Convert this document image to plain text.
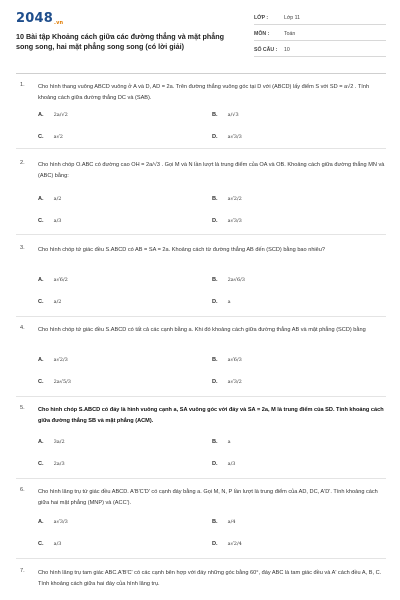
2048.vn
10 Bài tập Khoảng cách giữa các đường thẳng và mặt phẳng song song, hai mặt phẳng song song (có lời giải)
LỚP :	Lớp 11
MÔN :	Toán
SỐ CÂU : 10
1. Cho hình thang vuông ABCD vuông ở A và D, AD = 2a. Trên đường thẳng vuông góc tại D với (ABCD) lấy điểm S với SD = a√2 . Tính khoảng cách giữa đường thẳng DC và (SAB).
A. 2a/√2	B. a/√3
C. a√2	D. a√3/3
2. Cho hình chóp O.ABC có đường cao OH = 2a/√3 . Gọi M và N lần lượt là trung điểm của OA và OB. Khoảng cách giữa đường thẳng MN và (ABC) bằng:
A. a/2	B. a√2/2
C. a/3	D. a√3/3
3. Cho hình chóp tứ giác đều S.ABCD có AB = SA = 2a. Khoảng cách từ đường thẳng AB đến (SCD) bằng bao nhiêu?
A. a√6/2	B. 2a√6/3
C. a/2	D. a
4. Cho hình chóp tứ giác đều S.ABCD có tất cả các cạnh bằng a. Khi đó khoảng cách giữa đường thẳng AB và mặt phẳng (SCD) bằng
A. a√2/3	B. a√6/3
C. 2a√5/3	D. a√3/2
5. Cho hình chóp S.ABCD có đáy là hình vuông cạnh a, SA vuông góc với đáy và SA = 2a, M là trung điểm của SD. Tính khoảng cách giữa đường thẳng SB và mặt phẳng (ACM).
A. 3a/2	B. a
C. 2a/3	D. a/3
6. Cho hình lăng trụ tứ giác đều ABCD. A'B'C'D' có cạnh đáy bằng a. Gọi M, N, P lần lượt là trung điểm của AD, DC, A'D'. Tính khoảng cách giữa hai mặt phẳng (MNP) và (ACC').
A. a√3/3	B. a/4
C. a/3	D. a√2/4
7. Cho hình lăng trụ tam giác ABC.A'B'C' có các cạnh bên hợp với đáy những góc bằng 60°, đáy ABC là tam giác đều và A' cách đều A, B, C. Tính khoảng cách giữa hai đáy của hình lăng trụ.
